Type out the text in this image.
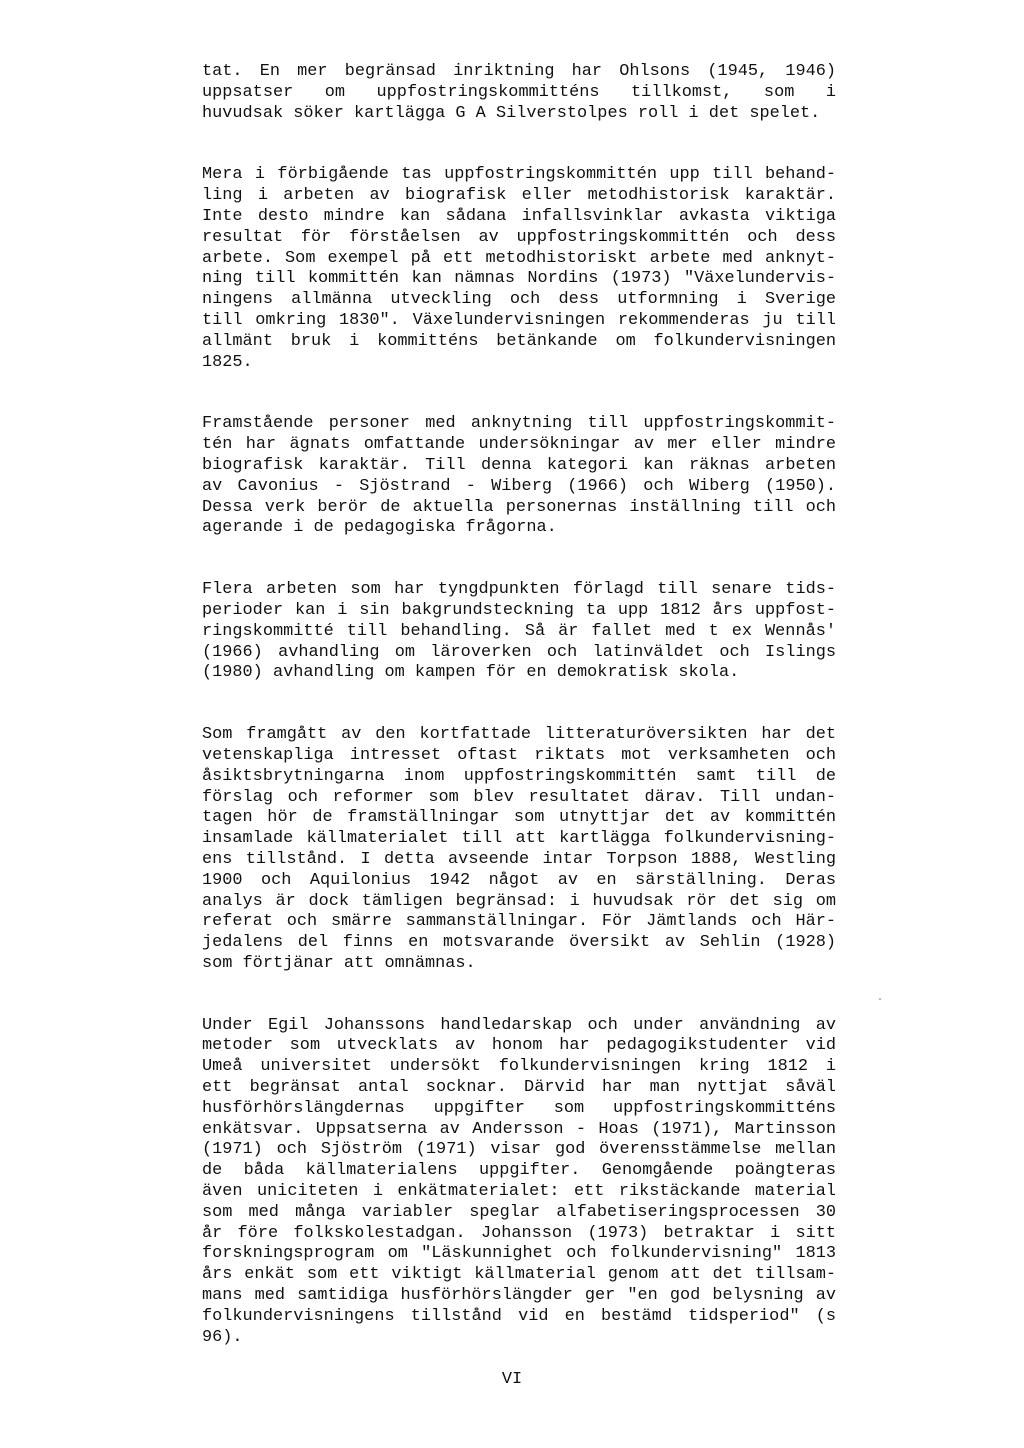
tat. En mer begränsad inriktning har Ohlsons (1945, 1946)
uppsatser om uppfostringskommitténs tillkomst, som i
huvudsak söker kartlägga G A Silverstolpes roll i det spelet.
Mera i förbigående tas uppfostringskommittén upp till behand-
ling i arbeten av biografisk eller metodhistorisk karaktär.
Inte desto mindre kan sådana infallsvinklar avkasta viktiga
resultat för förståelsen av uppfostringskommittén och dess
arbete. Som exempel på ett metodhistoriskt arbete med anknyt-
ning till kommittén kan nämnas Nordins (1973) "Växelundervis-
ningens allmänna utveckling och dess utformning i Sverige
till omkring 1830". Växelundervisningen rekommenderas ju till
allmänt bruk i kommitténs betänkande om folkundervisningen
1825.
Framstående personer med anknytning till uppfostringskommit-
tén har ägnats omfattande undersökningar av mer eller mindre
biografisk karaktär. Till denna kategori kan räknas arbeten
av Cavonius - Sjöstrand - Wiberg (1966) och Wiberg (1950).
Dessa verk berör de aktuella personernas inställning till och
agerande i de pedagogiska frågorna.
Flera arbeten som har tyngdpunkten förlagd till senare tids-
perioder kan i sin bakgrundsteckning ta upp 1812 års uppfost-
ringskommitté till behandling. Så är fallet med t ex Wennås'
(1966) avhandling om läroverken och latinväldet och Islings
(1980) avhandling om kampen för en demokratisk skola.
Som framgått av den kortfattade litteraturöversikten har det
vetenskapliga intresset oftast riktats mot verksamheten och
åsiktsbrytningarna inom uppfostringskommittén samt till de
förslag och reformer som blev resultatet därav. Till undan-
tagen hör de framställningar som utnyttjar det av kommittén
insamlade källmaterialet till att kartlägga folkundervisning-
ens tillstånd. I detta avseende intar Torpson 1888, Westling
1900 och Aquilonius 1942 något av en särställning. Deras
analys är dock tämligen begränsad: i huvudsak rör det sig om
referat och smärre sammanställningar. För Jämtlands och Här-
jedalens del finns en motsvarande översikt av Sehlin (1928)
som förtjänar att omnämnas.
Under Egil Johanssons handledarskap och under användning av
metoder som utvecklats av honom har pedagogikstudenter vid
Umeå universitet undersökt folkundervisningen kring 1812 i
ett begränsat antal socknar. Därvid har man nyttjat såväl
husförhörslängdernas uppgifter som uppfostringskommitténs
enkätsvar. Uppsatserna av Andersson - Hoas (1971), Martinsson
(1971) och Sjöström (1971) visar god överensstämmelse mellan
de båda källmaterialens uppgifter. Genomgående poängteras
även uniciteten i enkätmaterialet: ett rikstäckande material
som med många variabler speglar alfabetiseringsprocessen 30
år före folkskolestadgan. Johansson (1973) betraktar i sitt
forskningsprogram om "Läskunnighet och folkundervisning" 1813
års enkät som ett viktigt källmaterial genom att det tillsam-
mans med samtidiga husförhörslängder ger "en god belysning av
folkundervisningens tillstånd vid en bestämd tidsperiod" (s
96).
VI
